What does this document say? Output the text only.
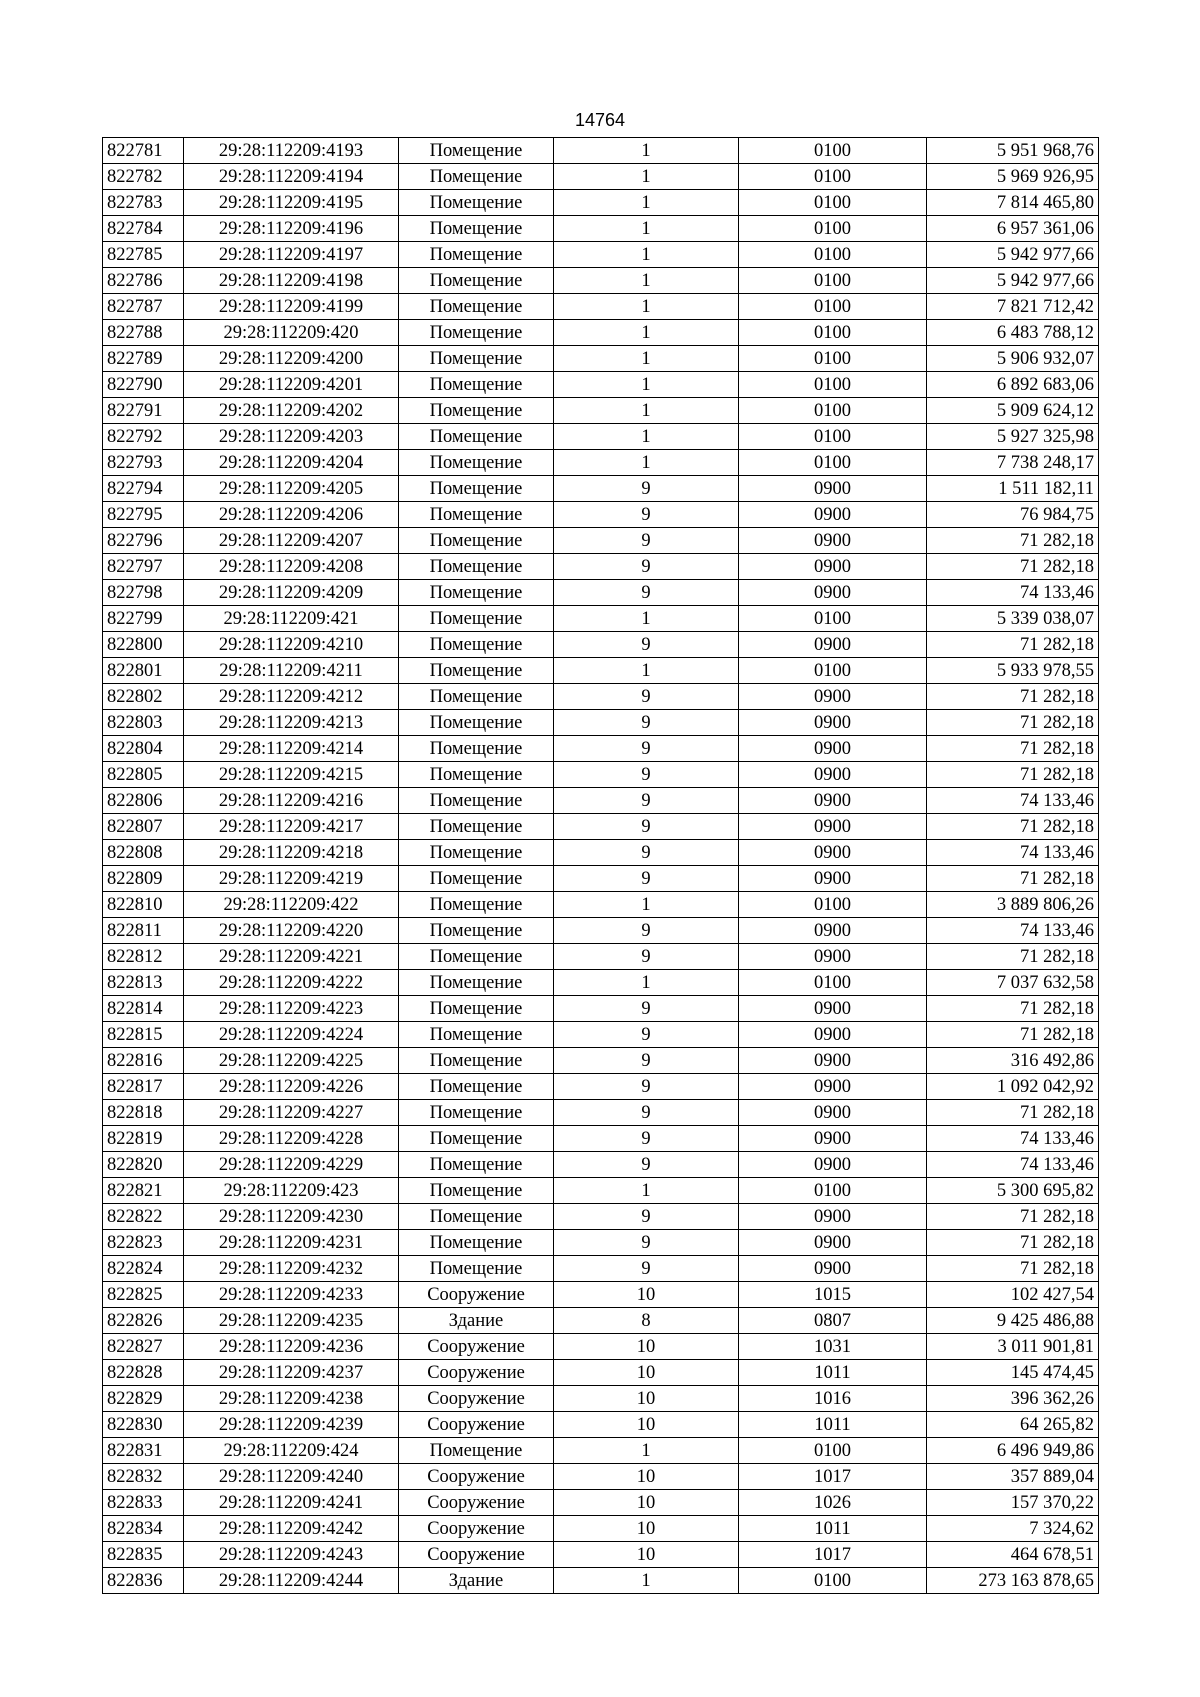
14764
822781	29:28:112209:4193	Помещение	1	0100	5 951 968,76
822782	29:28:112209:4194	Помещение	1	0100	5 969 926,95
822783	29:28:112209:4195	Помещение	1	0100	7 814 465,80
822784	29:28:112209:4196	Помещение	1	0100	6 957 361,06
822785	29:28:112209:4197	Помещение	1	0100	5 942 977,66
822786	29:28:112209:4198	Помещение	1	0100	5 942 977,66
822787	29:28:112209:4199	Помещение	1	0100	7 821 712,42
822788	29:28:112209:420	Помещение	1	0100	6 483 788,12
822789	29:28:112209:4200	Помещение	1	0100	5 906 932,07
822790	29:28:112209:4201	Помещение	1	0100	6 892 683,06
822791	29:28:112209:4202	Помещение	1	0100	5 909 624,12
822792	29:28:112209:4203	Помещение	1	0100	5 927 325,98
822793	29:28:112209:4204	Помещение	1	0100	7 738 248,17
822794	29:28:112209:4205	Помещение	9	0900	1 511 182,11
822795	29:28:112209:4206	Помещение	9	0900	76 984,75
822796	29:28:112209:4207	Помещение	9	0900	71 282,18
822797	29:28:112209:4208	Помещение	9	0900	71 282,18
822798	29:28:112209:4209	Помещение	9	0900	74 133,46
822799	29:28:112209:421	Помещение	1	0100	5 339 038,07
822800	29:28:112209:4210	Помещение	9	0900	71 282,18
822801	29:28:112209:4211	Помещение	1	0100	5 933 978,55
822802	29:28:112209:4212	Помещение	9	0900	71 282,18
822803	29:28:112209:4213	Помещение	9	0900	71 282,18
822804	29:28:112209:4214	Помещение	9	0900	71 282,18
822805	29:28:112209:4215	Помещение	9	0900	71 282,18
822806	29:28:112209:4216	Помещение	9	0900	74 133,46
822807	29:28:112209:4217	Помещение	9	0900	71 282,18
822808	29:28:112209:4218	Помещение	9	0900	74 133,46
822809	29:28:112209:4219	Помещение	9	0900	71 282,18
822810	29:28:112209:422	Помещение	1	0100	3 889 806,26
822811	29:28:112209:4220	Помещение	9	0900	74 133,46
822812	29:28:112209:4221	Помещение	9	0900	71 282,18
822813	29:28:112209:4222	Помещение	1	0100	7 037 632,58
822814	29:28:112209:4223	Помещение	9	0900	71 282,18
822815	29:28:112209:4224	Помещение	9	0900	71 282,18
822816	29:28:112209:4225	Помещение	9	0900	316 492,86
822817	29:28:112209:4226	Помещение	9	0900	1 092 042,92
822818	29:28:112209:4227	Помещение	9	0900	71 282,18
822819	29:28:112209:4228	Помещение	9	0900	74 133,46
822820	29:28:112209:4229	Помещение	9	0900	74 133,46
822821	29:28:112209:423	Помещение	1	0100	5 300 695,82
822822	29:28:112209:4230	Помещение	9	0900	71 282,18
822823	29:28:112209:4231	Помещение	9	0900	71 282,18
822824	29:28:112209:4232	Помещение	9	0900	71 282,18
822825	29:28:112209:4233	Сооружение	10	1015	102 427,54
822826	29:28:112209:4235	Здание	8	0807	9 425 486,88
822827	29:28:112209:4236	Сооружение	10	1031	3 011 901,81
822828	29:28:112209:4237	Сооружение	10	1011	145 474,45
822829	29:28:112209:4238	Сооружение	10	1016	396 362,26
822830	29:28:112209:4239	Сооружение	10	1011	64 265,82
822831	29:28:112209:424	Помещение	1	0100	6 496 949,86
822832	29:28:112209:4240	Сооружение	10	1017	357 889,04
822833	29:28:112209:4241	Сооружение	10	1026	157 370,22
822834	29:28:112209:4242	Сооружение	10	1011	7 324,62
822835	29:28:112209:4243	Сооружение	10	1017	464 678,51
822836	29:28:112209:4244	Здание	1	0100	273 163 878,65
